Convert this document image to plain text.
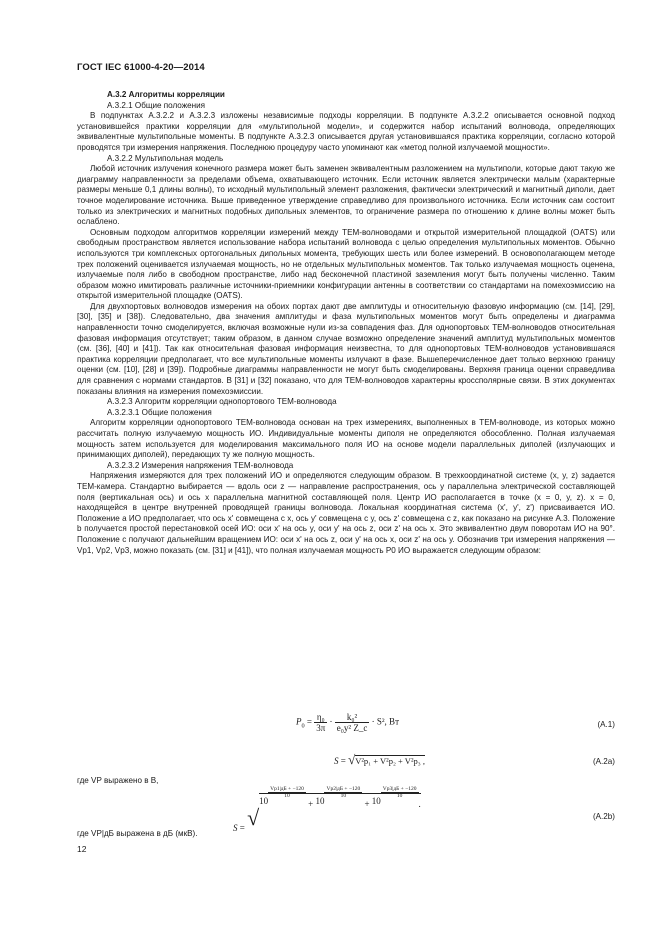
ГОСТ IEC 61000-4-20—2014

A.3.2 Алгоритмы корреляции

A.3.2.1 Общие положения

В подпунктах A.3.2.2 и A.3.2.3 изложены независимые подходы корреляции. В подпункте A.3.2.2 описывается основной подход установившейся практики корреляции для «мультипольной модели», и содержится набор испытаний волновода, определяющих эквивалентные мультипольные моменты. В подпункте A.3.2.3 описывается другая установившаяся практика корреляции, согласно которой проводятся три измерения напряжения. Последнюю процедуру часто упоминают как «метод полной излучаемой мощности».

A.3.2.2 Мультипольная модель

Любой источник излучения конечного размера может быть заменен эквивалентным разложением на мультиполи, которые дают такую же диаграмму направленности за пределами объема, охватывающего источник. Если источник является электрически малым (характерные размеры меньше 0,1 длины волны), то исходный мультипольный элемент разложения, фактически электрический и магнитный диполи, дает точное моделирование источника. Выше приведенное утверждение справедливо для произвольного источника. Если источник сам состоит только из электрических и магнитных подобных дипольных элементов, то ограничение размера по отношению к длине волны может быть ослаблено.

Основным подходом алгоритмов корреляции измерений между ТЕМ-волноводами и открытой измерительной площадкой (OATS) или свободным пространством является использование набора испытаний волновода с целью определения мультипольных моментов. Обычно используются три комплексных ортогональных дипольных момента, требующих шесть или более измерений. В основополагающем методе трех положений оценивается излучаемая мощность, но не отдельных мультипольных моментов. Так только излучаемая мощность оценена, излучаемые поля либо в свободном пространстве, либо над бесконечной пластиной заземления могут быть получены численно. Таким образом можно имитировать различные источники-приемники конфигурации антенны в соответствии со стандартами на помехоэмиссию на открытой измерительной площадке (OATS).

Для двухпортовых волноводов измерения на обоих портах дают две амплитуды и относительную фазовую информацию (см. [14], [29], [30], [35] и [38]). Следовательно, два значения амплитуды и фаза мультипольных моментов могут быть определены и диаграмма направленности точно смоделируется, включая возможные нули из-за совпадения фаз. Для однопортовых ТЕМ-волноводов относительная фазовая информация отсутствует; таким образом, в данном случае возможно определение значений амплитуд мультипольных моментов (см. [36], [40] и [41]). Так как относительная фазовая информация неизвестна, то для однопортовых ТЕМ-волноводов установившаяся практика корреляции предполагает, что все мультипольные моменты излучают в фазе. Вышеперечисленное дает только верхнюю границу оценки (см. [10], [28] и [39]). Подробные диаграммы направленности не могут быть смоделированы. Верхняя граница оценки справедлива для сравнения с нормами стандартов. В [31] и [32] показано, что для ТЕМ-волноводов характерны кроссполярные связи. В этих документах показаны влияния на измерения помехоэмиссии.

A.3.2.3 Алгоритм корреляции однопортового ТЕМ-волновода

A.3.2.3.1 Общие положения

Алгоритм корреляции однопортового ТЕМ-волновода основан на трех измерениях, выполненных в ТЕМ-волноводе, из которых можно рассчитать полную излучаемую мощность ИО. Индивидуальные моменты диполя не определяются обособленно. Полная излучаемая мощность затем используется для моделирования максимального поля ИО на основе модели параллельных диполей (излучающих и принимающих диполей), передающих ту же полную мощность.

A.3.2.3.2 Измерения напряжения ТЕМ-волновода

Напряжения измеряются для трех положений ИО и определяются следующим образом. В трехкоординатной системе (x, y, z) задается ТЕМ-камера. Стандартно выбирается — вдоль оси z — направление распространения, ось y параллельна электрической составляющей поля (вертикальная ось) и ось x параллельна магнитной составляющей поля. Центр ИО располагается в точке (x = 0, y, z). x = 0, находящейся в центре внутренней проводящей границы волновода. Локальная координатная система (x', y', z') присваивается ИО. Положение a ИО предполагает, что ось x' совмещена с x, ось y' совмещена с y, ось z' совмещена с z, как показано на рисунке A.3. Положение b получается простой перестановкой осей ИО: оси x' на ось y, оси y' на ось z, оси z' на ось x. Это эквивалентно двум поворотам ИО на 90°. Положение c получают дальнейшим вращением ИО: оси x' на ось z, оси y' на ось x, оси z' на ось y. Обозначив три измерения напряжения — Vp1, Vp2, Vp3, можно показать (см. [31] и [41]), что полная излучаемая мощность P0 ИО выражается следующим образом:

$P_0 = \frac{\text{η₀}}{3\pi} \cdot \frac{\text{k₀²}}{\text{e₀y² Z\_c}} \cdot S^2$, Вт	(A.1)
S = √V²p₁ + V²p₂ + V²p₃ ,	(A.2a)
где VP выражено в В,
S = √10
$\frac{Vp1|дБ + -120}{10}$
+ 10
$\frac{Vp2|дБ + -120}{10}$
+ 10
$\frac{Vp3|дБ + -120}{10}$
.
(A.2b)
где VP|дБ выражена в дБ (мкВ).
12
